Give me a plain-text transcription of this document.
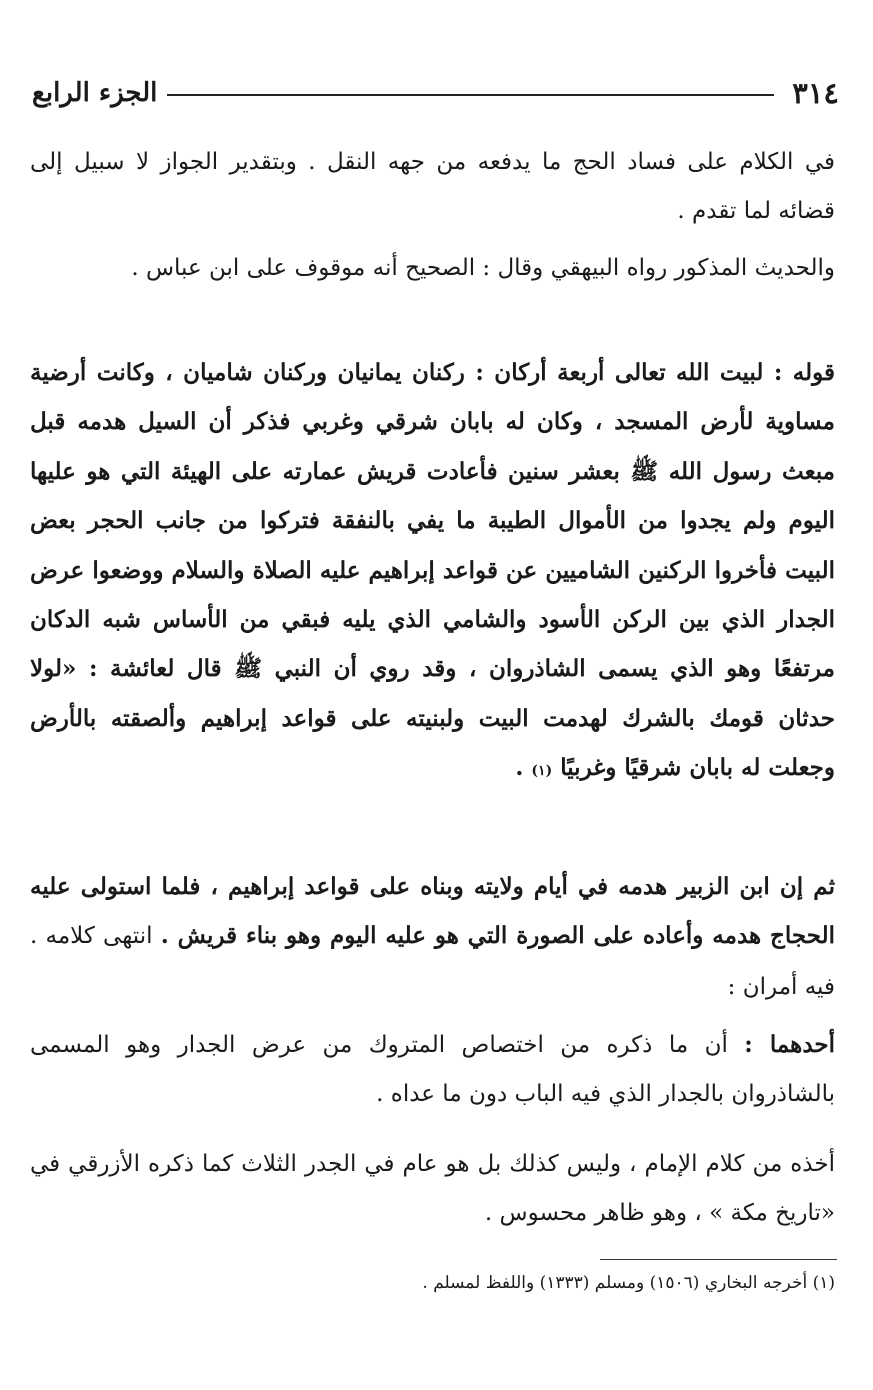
٣١٤
الجزء الرابع

في الكلام على فساد الحج ما يدفعه من جهه النقل . وبتقدير الجواز لا سبيل إلى قضائه لما تقدم .

والحديث المذكور رواه البيهقي وقال : الصحيح أنه موقوف على ابن عباس .

قوله : لبيت الله تعالى أربعة أركان : ركنان يمانيان وركنان شاميان ، وكانت أرضية مساوية لأرض المسجد ، وكان له بابان شرقي وغربي فذكر أن السيل هدمه قبل مبعث رسول الله ﷺ بعشر سنين فأعادت قريش عمارته على الهيئة التي هو عليها اليوم ولم يجدوا من الأموال الطيبة ما يفي بالنفقة فتركوا من جانب الحجر بعض البيت فأخروا الركنين الشاميين عن قواعد إبراهيم عليه الصلاة والسلام ووضعوا عرض الجدار الذي بين الركن الأسود والشامي الذي يليه فبقي من الأساس شبه الدكان مرتفعًا وهو الذي يسمى الشاذروان ، وقد روي أن النبي ﷺ قال لعائشة : «لولا حدثان قومك بالشرك لهدمت البيت ولبنيته على قواعد إبراهيم وألصقته بالأرض وجعلت له بابان شرقيًا وغربيًا (١) .

ثم إن ابن الزبير هدمه في أيام ولايته وبناه على قواعد إبراهيم ، فلما استولى عليه الحجاج هدمه وأعاده على الصورة التي هو عليه اليوم وهو بناء قريش . انتهى كلامه . فيه أمران :

أحدهما : أن ما ذكره من اختصاص المتروك من عرض الجدار وهو المسمى بالشاذروان بالجدار الذي فيه الباب دون ما عداه .

أخذه من كلام الإمام ، وليس كذلك بل هو عام في الجدر الثلاث كما ذكره الأزرقي في «تاريخ مكة » ، وهو ظاهر محسوس .

(١) أخرجه البخاري (١٥٠٦) ومسلم (١٣٣٣) واللفظ لمسلم .
